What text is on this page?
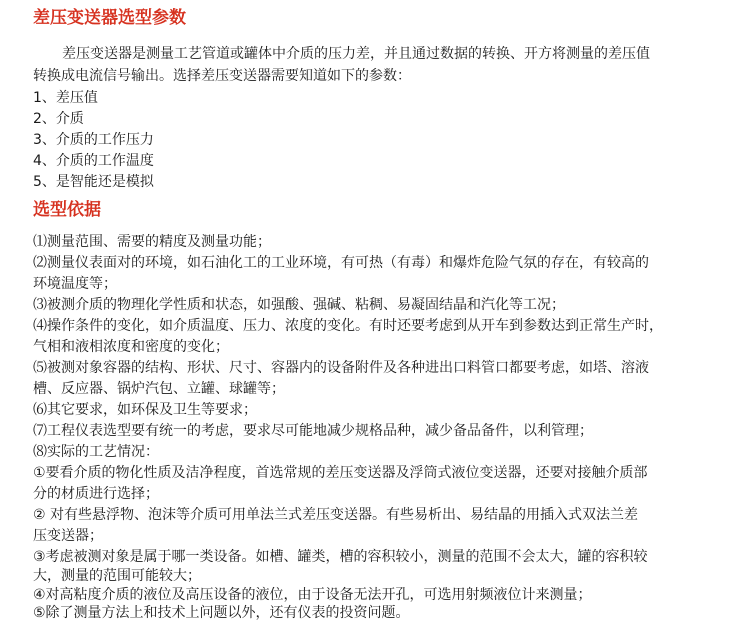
差压变送器选型参数
差压变送器是测量工艺管道或罐体中介质的压力差，并且通过数据的转换、开方将测量的差压值
转换成电流信号输出。选择差压变送器需要知道如下的参数：
1、差压值
2、介质
3、介质的工作压力
4、介质的工作温度
5、是智能还是模拟
选型依据
⑴测量范围、需要的精度及测量功能；
⑵测量仪表面对的环境，如石油化工的工业环境，有可热（有毒）和爆炸危险气氛的存在，有较高的
环境温度等；
⑶被测介质的物理化学性质和状态，如强酸、强碱、粘稠、易凝固结晶和汽化等工况；
⑷操作条件的变化，如介质温度、压力、浓度的变化。有时还要考虑到从开车到参数达到正常生产时，
气相和液相浓度和密度的变化；
⑸被测对象容器的结构、形状、尺寸、容器内的设备附件及各种进出口料管口都要考虑，如塔、溶液
槽、反应器、锅炉汽包、立罐、球罐等；
⑹其它要求，如环保及卫生等要求；
⑺工程仪表选型要有统一的考虑，要求尽可能地减少规格品种，减少备品备件，以利管理；
⑻实际的工艺情况：
①要看介质的物化性质及洁净程度，首选常规的差压变送器及浮筒式液位变送器，还要对接触介质部
分的材质进行选择；
② 对有些悬浮物、泡沫等介质可用单法兰式差压变送器。有些易析出、易结晶的用插入式双法兰差
压变送器；
③考虑被测对象是属于哪一类设备。如槽、罐类，槽的容积较小，测量的范围不会太大，罐的容积较
大，测量的范围可能较大；
④对高粘度介质的液位及高压设备的液位，由于设备无法开孔，可选用射频液位计来测量；
⑤除了测量方法上和技术上问题以外，还有仪表的投资问题。
